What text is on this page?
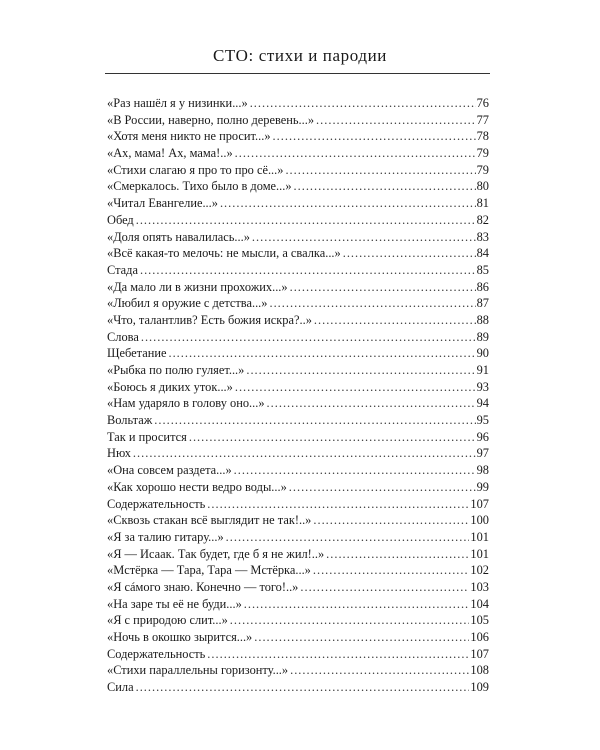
СТО: стихи и пародии
«Раз нашёл я у низинки...» .....	76
«В России, наверно, полно деревень...» .....	77
«Хотя меня никто не просит...» .....	78
«Ах, мама! Ах, мама!..» .....	79
«Стихи слагаю я про то про сё...» .....	79
«Смеркалось. Тихо было в доме...» .....	80
«Читал Евангелие...» .....	81
Обед .....	82
«Доля опять навалилась...» .....	83
«Всё какая-то мелочь: не мысли, а свалка...» .....	84
Стада .....	85
«Да мало ли в жизни прохожих...» .....	86
«Любил я оружие с детства...» .....	87
«Что, талантлив? Есть божия искра?..» .....	88
Слова .....	89
Щебетание .....	90
«Рыбка по полю гуляет...» .....	91
«Боюсь я диких уток...» .....	93
«Нам ударяло в голову оно...» .....	94
Вольтаж .....	95
Так и просится .....	96
Нюх .....	97
«Она совсем раздета...» .....	98
«Как хорошо нести ведро воды...» .....	99
Содержательность .....	107
«Сквозь стакан всё выглядит не так!..» .....	100
«Я за талию гитару...» .....	101
«Я — Исаак. Так будет, где б я не жил!..» .....	101
«Мстёрка — Тара, Тара — Мстёрка...» .....	102
«Я сáмого знаю. Конечно — того!..» .....	103
«На заре ты её не буди...» .....	104
«Я с природою слит...» .....	105
«Ночь в окошко зырится...» .....	106
Содержательность .....	107
«Стихи параллельны горизонту...» .....	108
Сила .....	109
